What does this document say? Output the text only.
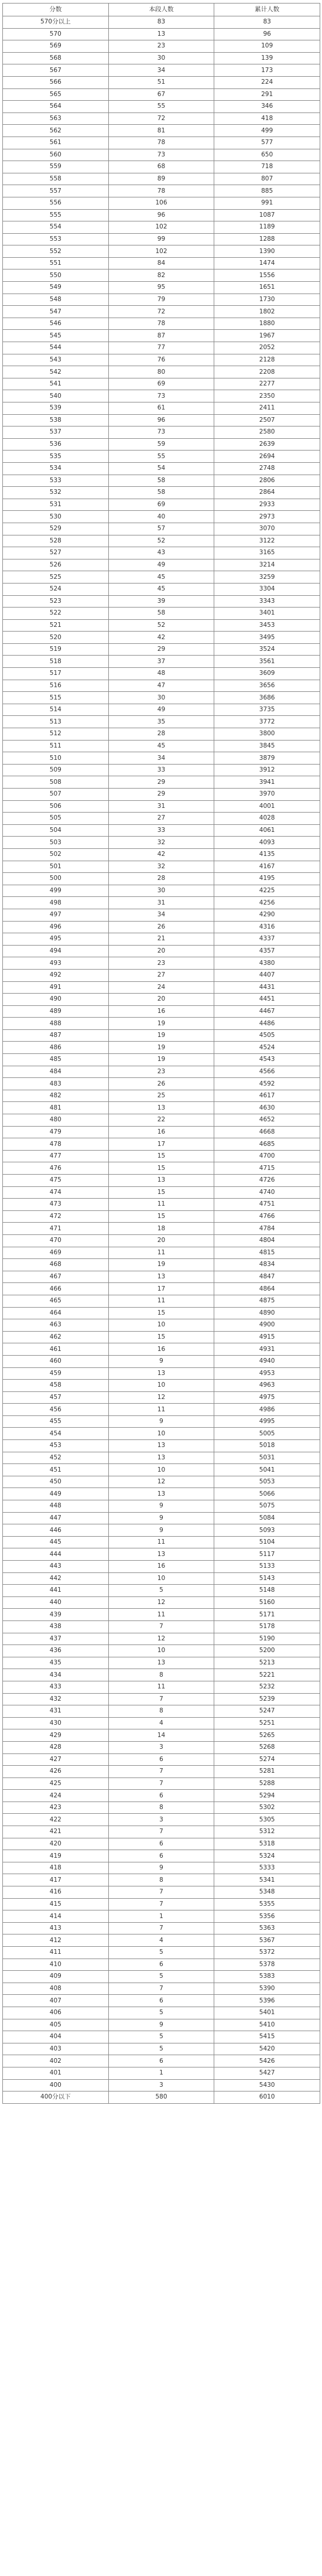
分数	本段人数	累计人数
570分以上	83	83
570	13	96
569	23	109
568	30	139
567	34	173
566	51	224
565	67	291
564	55	346
563	72	418
562	81	499
561	78	577
560	73	650
559	68	718
558	89	807
557	78	885
556	106	991
555	96	1087
554	102	1189
553	99	1288
552	102	1390
551	84	1474
550	82	1556
549	95	1651
548	79	1730
547	72	1802
546	78	1880
545	87	1967
544	77	2052
543	76	2128
542	80	2208
541	69	2277
540	73	2350
539	61	2411
538	96	2507
537	73	2580
536	59	2639
535	55	2694
534	54	2748
533	58	2806
532	58	2864
531	69	2933
530	40	2973
529	57	3070
528	52	3122
527	43	3165
526	49	3214
525	45	3259
524	45	3304
523	39	3343
522	58	3401
521	52	3453
520	42	3495
519	29	3524
518	37	3561
517	48	3609
516	47	3656
515	30	3686
514	49	3735
513	35	3772
512	28	3800
511	45	3845
510	34	3879
509	33	3912
508	29	3941
507	29	3970
506	31	4001
505	27	4028
504	33	4061
503	32	4093
502	42	4135
501	32	4167
500	28	4195
499	30	4225
498	31	4256
497	34	4290
496	26	4316
495	21	4337
494	20	4357
493	23	4380
492	27	4407
491	24	4431
490	20	4451
489	16	4467
488	19	4486
487	19	4505
486	19	4524
485	19	4543
484	23	4566
483	26	4592
482	25	4617
481	13	4630
480	22	4652
479	16	4668
478	17	4685
477	15	4700
476	15	4715
475	13	4726
474	15	4740
473	11	4751
472	15	4766
471	18	4784
470	20	4804
469	11	4815
468	19	4834
467	13	4847
466	17	4864
465	11	4875
464	15	4890
463	10	4900
462	15	4915
461	16	4931
460	9	4940
459	13	4953
458	10	4963
457	12	4975
456	11	4986
455	9	4995
454	10	5005
453	13	5018
452	13	5031
451	10	5041
450	12	5053
449	13	5066
448	9	5075
447	9	5084
446	9	5093
445	11	5104
444	13	5117
443	16	5133
442	10	5143
441	5	5148
440	12	5160
439	11	5171
438	7	5178
437	12	5190
436	10	5200
435	13	5213
434	8	5221
433	11	5232
432	7	5239
431	8	5247
430	4	5251
429	14	5265
428	3	5268
427	6	5274
426	7	5281
425	7	5288
424	6	5294
423	8	5302
422	3	5305
421	7	5312
420	6	5318
419	6	5324
418	9	5333
417	8	5341
416	7	5348
415	7	5355
414	1	5356
413	7	5363
412	4	5367
411	5	5372
410	6	5378
409	5	5383
408	7	5390
407	6	5396
406	5	5401
405	9	5410
404	5	5415
403	5	5420
402	6	5426
401	1	5427
400	3	5430
400分以下	580	6010
